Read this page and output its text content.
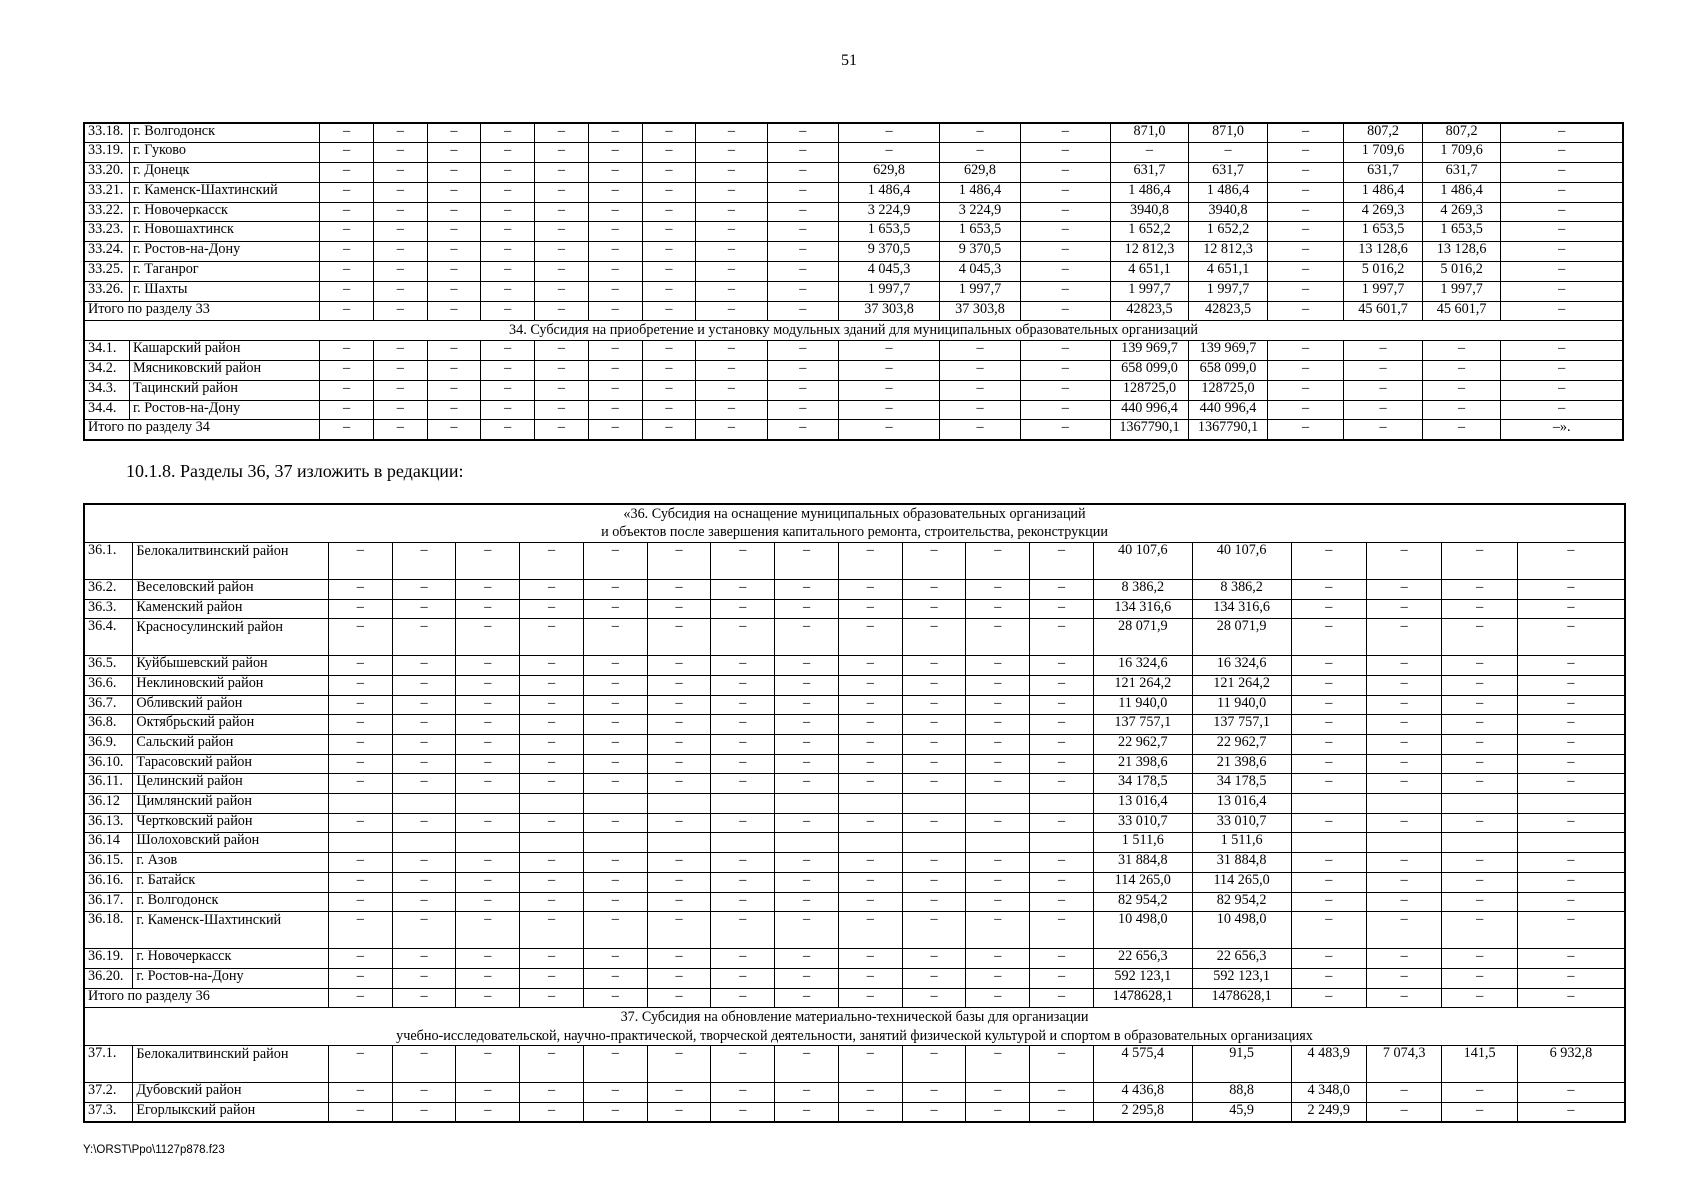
51
33.18.	г. Волгодонск	–	–	–	–	–	–	–	–	–	–	–	–	871,0	871,0	–	807,2	807,2	–
33.19.	г. Гуково	–	–	–	–	–	–	–	–	–	–	–	–	–	–	–	1 709,6	1 709,6	–
33.20.	г. Донецк	–	–	–	–	–	–	–	–	–	629,8	629,8	–	631,7	631,7	–	631,7	631,7	–
33.21.	г. Каменск-Шахтинский	–	–	–	–	–	–	–	–	–	1 486,4	1 486,4	–	1 486,4	1 486,4	–	1 486,4	1 486,4	–
33.22.	г. Новочеркасск	–	–	–	–	–	–	–	–	–	3 224,9	3 224,9	–	3940,8	3940,8	–	4 269,3	4 269,3	–
33.23.	г. Новошахтинск	–	–	–	–	–	–	–	–	–	1 653,5	1 653,5	–	1 652,2	1 652,2	–	1 653,5	1 653,5	–
33.24.	г. Ростов-на-Дону	–	–	–	–	–	–	–	–	–	9 370,5	9 370,5	–	12 812,3	12 812,3	–	13 128,6	13 128,6	–
33.25.	г. Таганрог	–	–	–	–	–	–	–	–	–	4 045,3	4 045,3	–	4 651,1	4 651,1	–	5 016,2	5 016,2	–
33.26.	г. Шахты	–	–	–	–	–	–	–	–	–	1 997,7	1 997,7	–	1 997,7	1 997,7	–	1 997,7	1 997,7	–
Итого по разделу 33		–	–	–	–	–	–	–	–	–	37 303,8	37 303,8	–	42823,5	42823,5	–	45 601,7	45 601,7	–
34. Субсидия на приобретение и установку модульных зданий для муниципальных образовательных организаций																			
34.1.	Кашарский район	–	–	–	–	–	–	–	–	–	–	–	–	139 969,7	139 969,7	–	–	–	–
34.2.	Мясниковский район	–	–	–	–	–	–	–	–	–	–	–	–	658 099,0	658 099,0	–	–	–	–
34.3.	Тацинский район	–	–	–	–	–	–	–	–	–	–	–	–	128725,0	128725,0	–	–	–	–
34.4.	г. Ростов-на-Дону	–	–	–	–	–	–	–	–	–	–	–	–	440 996,4	440 996,4	–	–	–	–
Итого по разделу 34		–	–	–	–	–	–	–	–	–	–	–	–	1367790,1	1367790,1	–	–	–	–».
10.1.8. Разделы 36, 37 изложить в редакции:
«36. Субсидия на оснащение муниципальных образовательных организаций
и объектов после завершения капитального ремонта, строительства, реконструкции																			

36.1.	Белокалитвинский район	–	–	–	–	–	–	–	–	–	–	–	–	40 107,6	40 107,6	–	–	–	–
36.2.	Веселовский район	–	–	–	–	–	–	–	–	–	–	–	–	8 386,2	8 386,2	–	–	–	–
36.3.	Каменский район	–	–	–	–	–	–	–	–	–	–	–	–	134 316,6	134 316,6	–	–	–	–
36.4.	Красносулинский район	–	–	–	–	–	–	–	–	–	–	–	–	28 071,9	28 071,9	–	–	–	–
36.5.	Куйбышевский район	–	–	–	–	–	–	–	–	–	–	–	–	16 324,6	16 324,6	–	–	–	–
36.6.	Неклиновский район	–	–	–	–	–	–	–	–	–	–	–	–	121 264,2	121 264,2	–	–	–	–
36.7.	Обливский район	–	–	–	–	–	–	–	–	–	–	–	–	11 940,0	11 940,0	–	–	–	–
36.8.	Октябрьский район	–	–	–	–	–	–	–	–	–	–	–	–	137 757,1	137 757,1	–	–	–	–
36.9.	Сальский район	–	–	–	–	–	–	–	–	–	–	–	–	22 962,7	22 962,7	–	–	–	–
36.10.	Тарасовский район	–	–	–	–	–	–	–	–	–	–	–	–	21 398,6	21 398,6	–	–	–	–
36.11.	Целинский район	–	–	–	–	–	–	–	–	–	–	–	–	34 178,5	34 178,5	–	–	–	–
36.12	Цимлянский район													13 016,4	13 016,4				
36.13.	Чертковский район	–	–	–	–	–	–	–	–	–	–	–	–	33 010,7	33 010,7	–	–	–	–
36.14	Шолоховский район													1 511,6	1 511,6				
36.15.	г. Азов	–	–	–	–	–	–	–	–	–	–	–	–	31 884,8	31 884,8	–	–	–	–
36.16.	г. Батайск	–	–	–	–	–	–	–	–	–	–	–	–	114 265,0	114 265,0	–	–	–	–
36.17.	г. Волгодонск	–	–	–	–	–	–	–	–	–	–	–	–	82 954,2	82 954,2	–	–	–	–
36.18.	г. Каменск-Шахтинский	–	–	–	–	–	–	–	–	–	–	–	–	10 498,0	10 498,0	–	–	–	–
36.19.	г. Новочеркасск	–	–	–	–	–	–	–	–	–	–	–	–	22 656,3	22 656,3	–	–	–	–
36.20.	г. Ростов-на-Дону	–	–	–	–	–	–	–	–	–	–	–	–	592 123,1	592 123,1	–	–	–	–
Итого по разделу 36		–	–	–	–	–	–	–	–	–	–	–	–	1478628,1	1478628,1	–	–	–	–

37. Субсидия на обновление материально-технической базы для организации
учебно-исследовательской, научно-практической, творческой деятельности, занятий физической культурой и спортом в образовательных организациях																			

37.1.	Белокалитвинский район	–	–	–	–	–	–	–	–	–	–	–	–	4 575,4	91,5	4 483,9	7 074,3	141,5	6 932,8
37.2.	Дубовский район	–	–	–	–	–	–	–	–	–	–	–	–	4 436,8	88,8	4 348,0	–	–	–
37.3.	Егорлыкский район	–	–	–	–	–	–	–	–	–	–	–	–	2 295,8	45,9	2 249,9	–	–	–
Y:\ORST\Ppo\1127p878.f23
